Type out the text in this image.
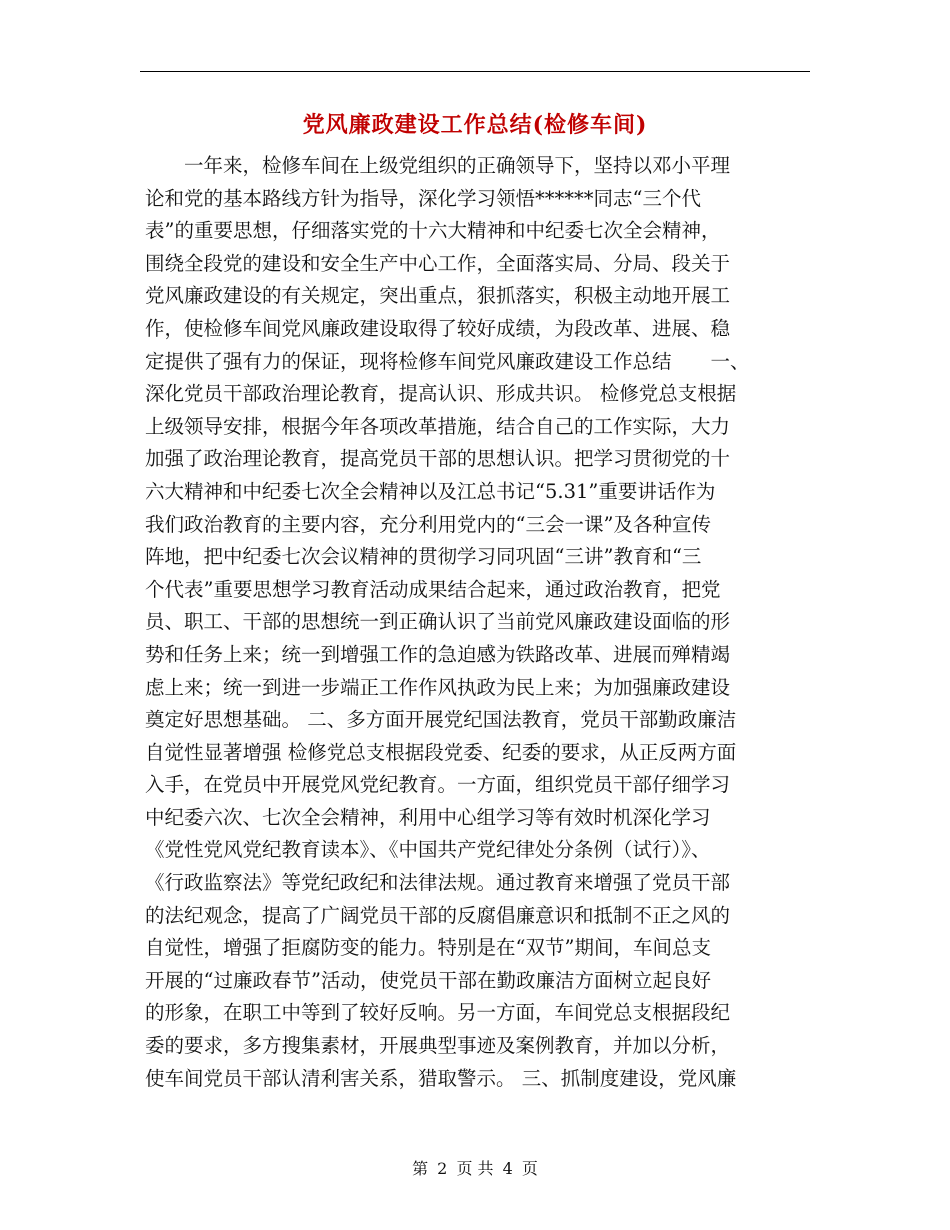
党风廉政建设工作总结(检修车间)
一年来，检修车间在上级党组织的正确领导下，坚持以邓小平理
论和党的基本路线方针为指导，深化学习领悟******同志“三个代
表”的重要思想，仔细落实党的十六大精神和中纪委七次全会精神，
围绕全段党的建设和安全生产中心工作，全面落实局、分局、段关于
党风廉政建设的有关规定，突出重点，狠抓落实，积极主动地开展工
作，使检修车间党风廉政建设取得了较好成绩，为段改革、进展、稳
定提供了强有力的保证，现将检修车间党风廉政建设工作总结　　一、
深化党员干部政治理论教育，提高认识、形成共识。 检修党总支根据
上级领导安排，根据今年各项改革措施，结合自己的工作实际，大力
加强了政治理论教育，提高党员干部的思想认识。把学习贯彻党的十
六大精神和中纪委七次全会精神以及江总书记“5.31”重要讲话作为
我们政治教育的主要内容，充分利用党内的“三会一课”及各种宣传
阵地，把中纪委七次会议精神的贯彻学习同巩固“三讲”教育和“三
个代表”重要思想学习教育活动成果结合起来，通过政治教育，把党
员、职工、干部的思想统一到正确认识了当前党风廉政建设面临的形
势和任务上来；统一到增强工作的急迫感为铁路改革、进展而殚精竭
虑上来；统一到进一步端正工作作风执政为民上来；为加强廉政建设
奠定好思想基础。 二、多方面开展党纪国法教育，党员干部勤政廉洁
自觉性显著增强 检修党总支根据段党委、纪委的要求，从正反两方面
入手，在党员中开展党风党纪教育。一方面，组织党员干部仔细学习
中纪委六次、七次全会精神，利用中心组学习等有效时机深化学习
《党性党风党纪教育读本》、《中国共产党纪律处分条例（试行）》、
《行政监察法》等党纪政纪和法律法规。通过教育来增强了党员干部
的法纪观念，提高了广阔党员干部的反腐倡廉意识和抵制不正之风的
自觉性，增强了拒腐防变的能力。特别是在“双节”期间，车间总支
开展的“过廉政春节”活动，使党员干部在勤政廉洁方面树立起良好
的形象，在职工中等到了较好反响。另一方面，车间党总支根据段纪
委的要求，多方搜集素材，开展典型事迹及案例教育，并加以分析，
使车间党员干部认清利害关系，猎取警示。 三、抓制度建设，党风廉
第 2 页 共 4 页
